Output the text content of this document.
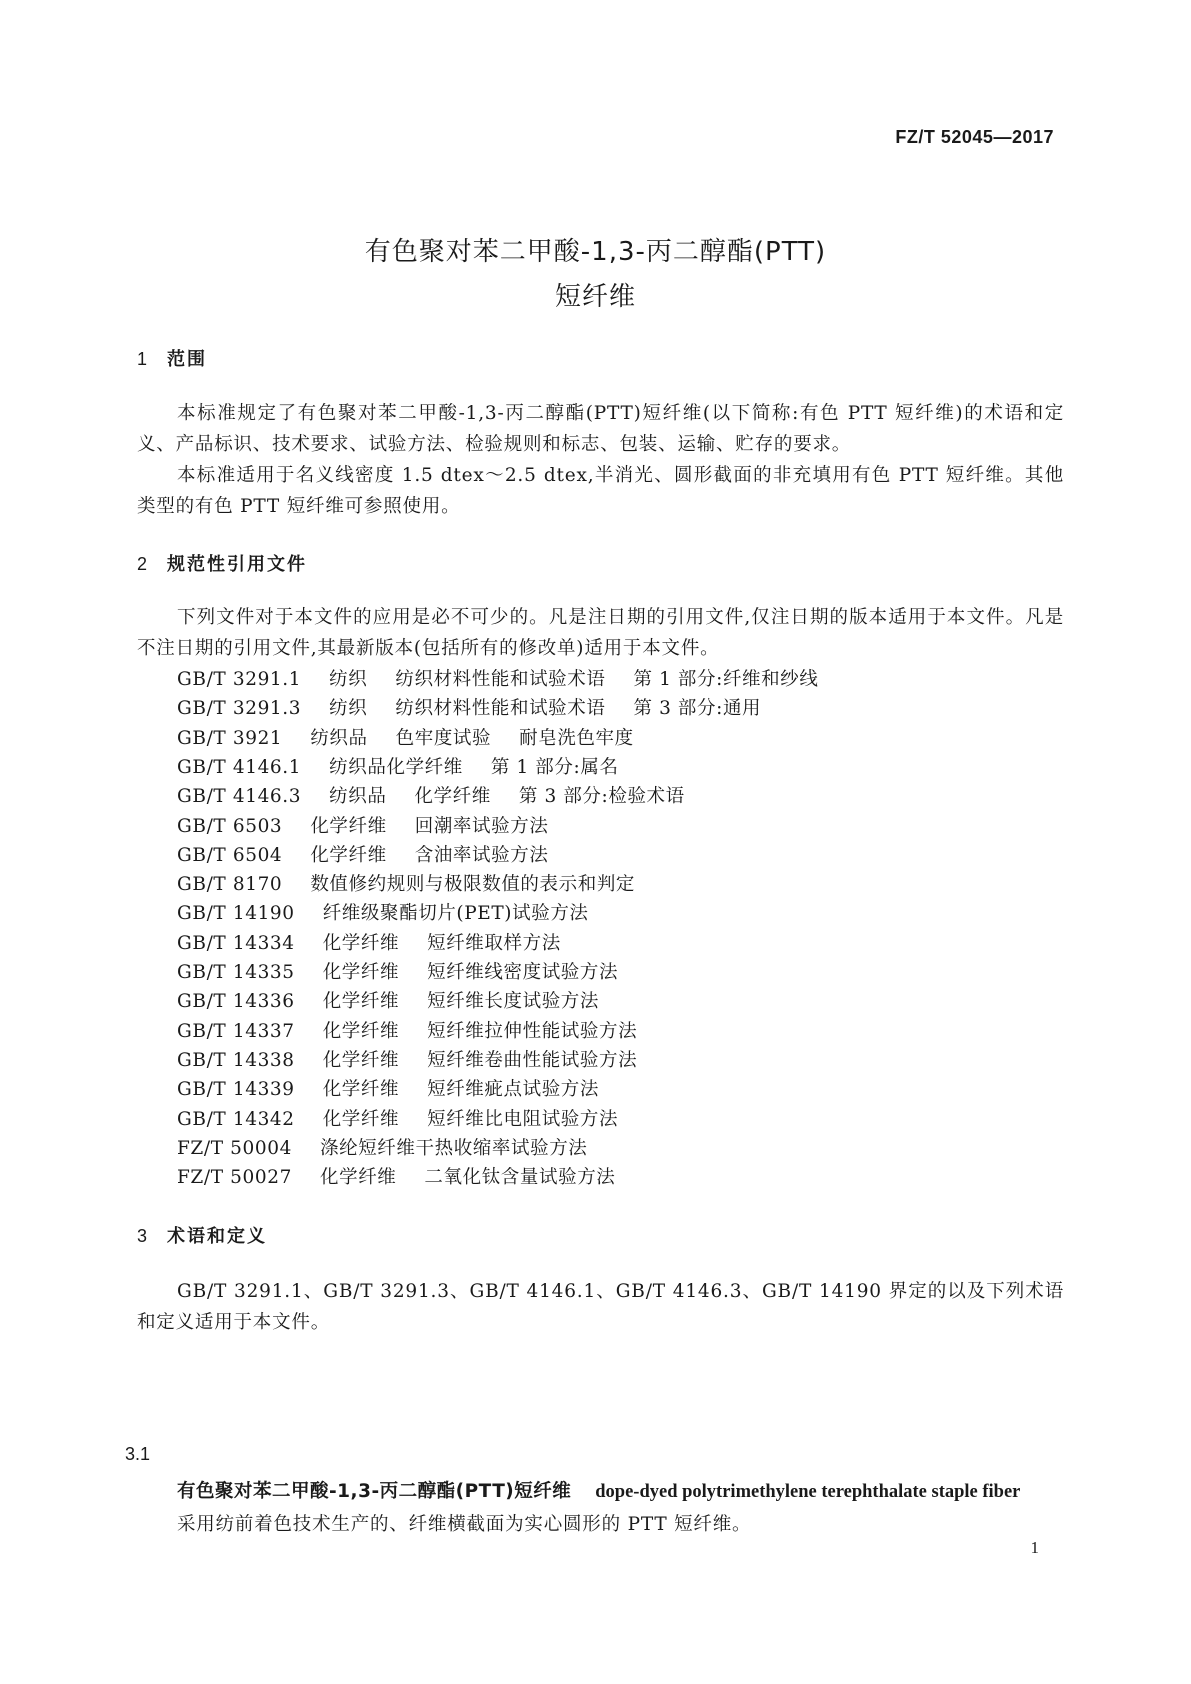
FZ/T 52045—2017
有色聚对苯二甲酸-1,3-丙二醇酯(PTT)
短纤维
1 范围
本标准规定了有色聚对苯二甲酸-1,3-丙二醇酯(PTT)短纤维(以下简称:有色 PTT 短纤维)的术语和定义、产品标识、技术要求、试验方法、检验规则和标志、包装、运输、贮存的要求。
本标准适用于名义线密度 1.5 dtex～2.5 dtex,半消光、圆形截面的非充填用有色 PTT 短纤维。其他类型的有色 PTT 短纤维可参照使用。
2 规范性引用文件
下列文件对于本文件的应用是必不可少的。凡是注日期的引用文件,仅注日期的版本适用于本文件。凡是不注日期的引用文件,其最新版本(包括所有的修改单)适用于本文件。
GB/T 3291.1 纺织 纺织材料性能和试验术语 第 1 部分:纤维和纱线
GB/T 3291.3 纺织 纺织材料性能和试验术语 第 3 部分:通用
GB/T 3921 纺织品 色牢度试验 耐皂洗色牢度
GB/T 4146.1 纺织品化学纤维 第 1 部分:属名
GB/T 4146.3 纺织品 化学纤维 第 3 部分:检验术语
GB/T 6503 化学纤维 回潮率试验方法
GB/T 6504 化学纤维 含油率试验方法
GB/T 8170 数值修约规则与极限数值的表示和判定
GB/T 14190 纤维级聚酯切片(PET)试验方法
GB/T 14334 化学纤维 短纤维取样方法
GB/T 14335 化学纤维 短纤维线密度试验方法
GB/T 14336 化学纤维 短纤维长度试验方法
GB/T 14337 化学纤维 短纤维拉伸性能试验方法
GB/T 14338 化学纤维 短纤维卷曲性能试验方法
GB/T 14339 化学纤维 短纤维疵点试验方法
GB/T 14342 化学纤维 短纤维比电阻试验方法
FZ/T 50004 涤纶短纤维干热收缩率试验方法
FZ/T 50027 化学纤维 二氧化钛含量试验方法
3 术语和定义
GB/T 3291.1、GB/T 3291.3、GB/T 4146.1、GB/T 4146.3、GB/T 14190 界定的以及下列术语和定义适用于本文件。
3.1
有色聚对苯二甲酸-1,3-丙二醇酯(PTT)短纤维 dope-dyed polytrimethylene terephthalate staple fiber
采用纺前着色技术生产的、纤维横截面为实心圆形的 PTT 短纤维。
1
